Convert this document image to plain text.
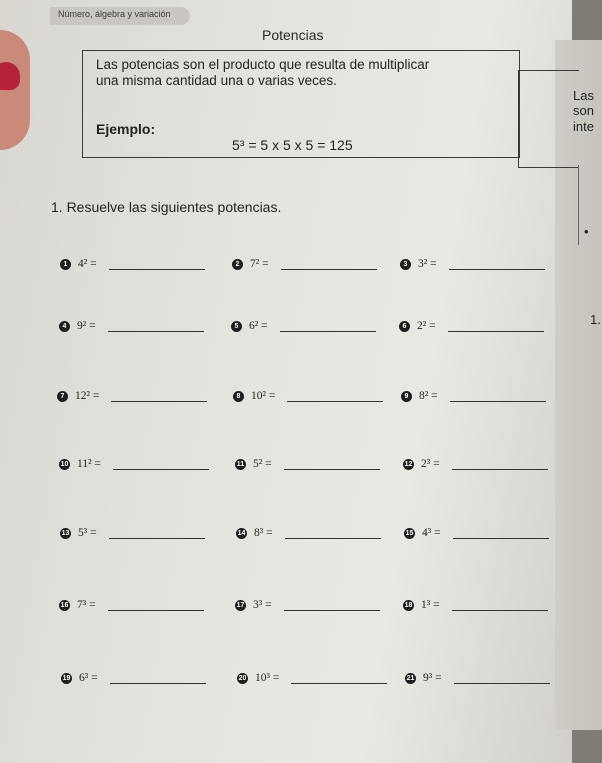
Número, álgebra y variación
Potencias
Las potencias son el producto que resulta de multiplicar
una misma cantidad una o varias veces.
Ejemplo:
5³ = 5 x 5 x 5 = 125
Las
son
inte
•
1.
1. Resuelve las siguientes potencias.
1 4² =	2 7² =	3 3² =
4 9² =	5 6² =	6 2² =
7 12² =	8 10² =	9 8² =
10 11² =	11 5² =	12 2³ =
13 5³ =	14 8³ =	15 4³ =
16 7³ =	17 3³ =	18 1³ =
19 6³ =	20 10³ =	21 9³ =
